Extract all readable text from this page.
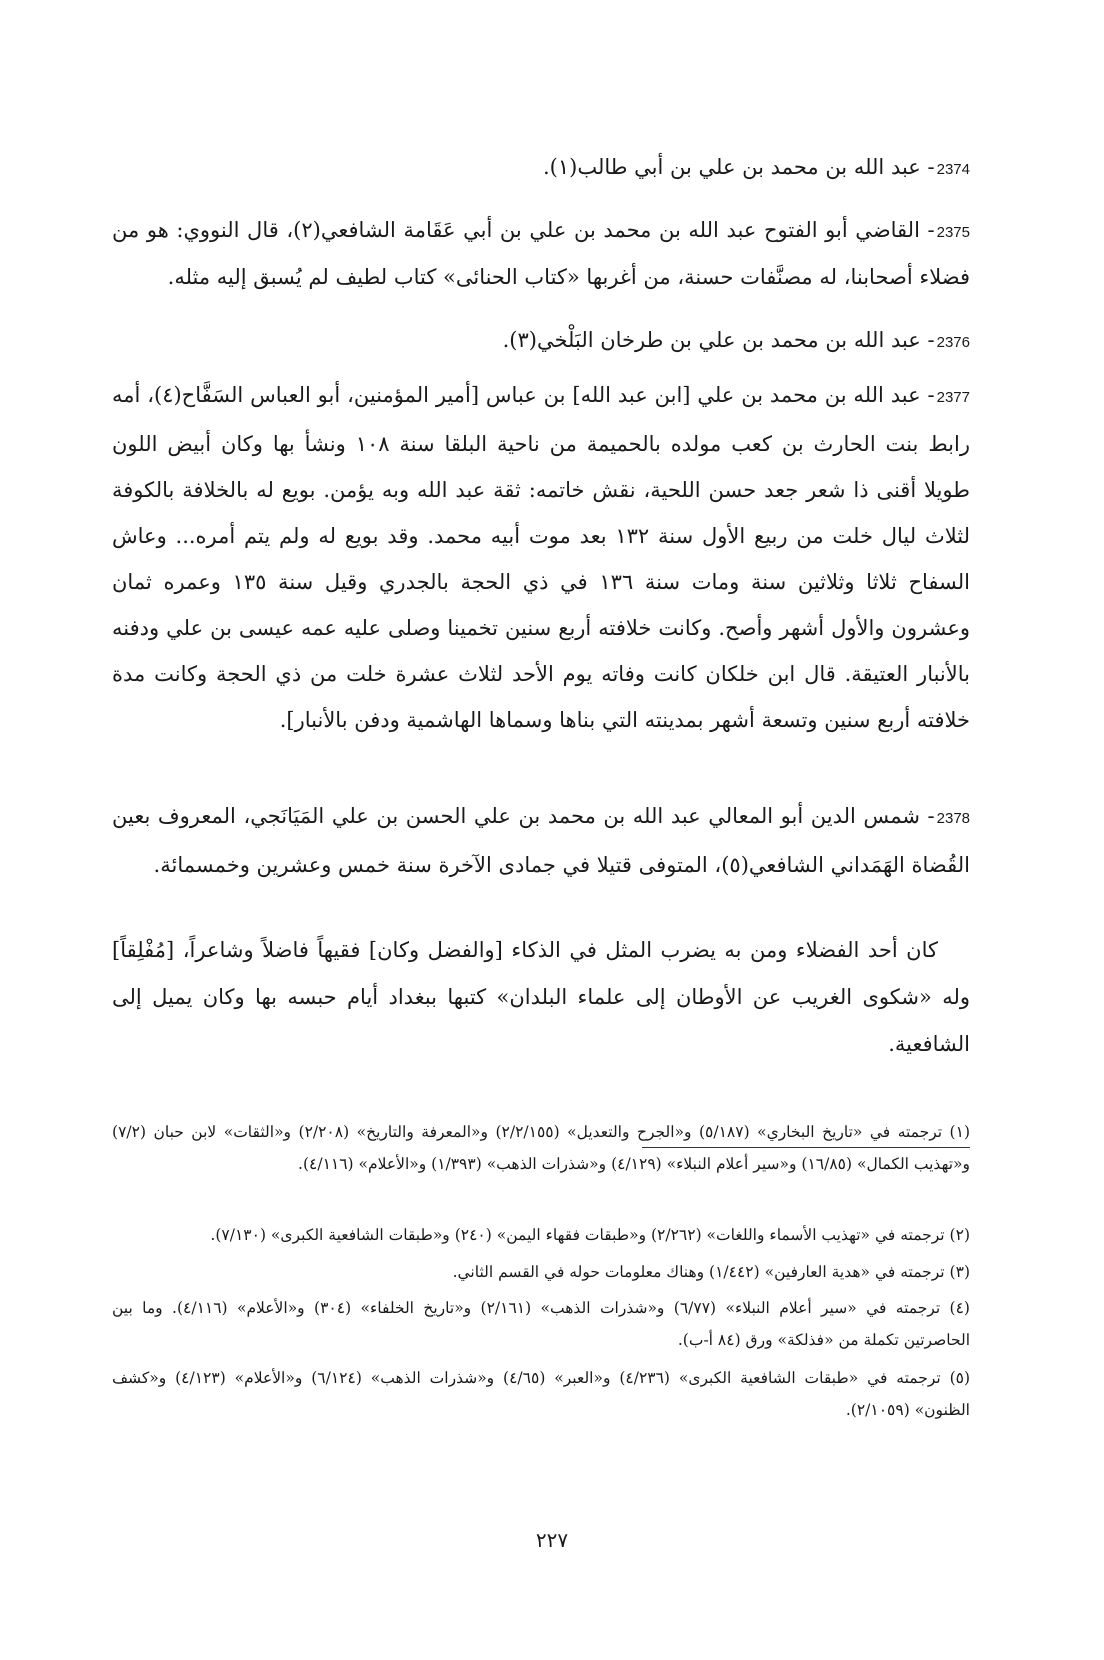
2374- عبد الله بن محمد بن علي بن أبي طالب(١).
2375- القاضي أبو الفتوح عبد الله بن محمد بن علي بن أبي عَقَامة الشافعي(٢)، قال النووي: هو من فضلاء أصحابنا، له مصنَّفات حسنة، من أغربها «كتاب الحنائى» كتاب لطيف لم يُسبق إليه مثله.
2376- عبد الله بن محمد بن علي بن طرخان البَلْخي(٣).
2377- عبد الله بن محمد بن علي [ابن عبد الله] بن عباس [أمير المؤمنين، أبو العباس السَفَّاح(٤)، أمه رابط بنت الحارث بن كعب مولده بالحميمة من ناحية البلقا سنة ١٠٨ ونشأ بها وكان أبيض اللون طويلا أقنى ذا شعر جعد حسن اللحية، نقش خاتمه: ثقة عبد الله وبه يؤمن. بويع له بالخلافة بالكوفة لثلاث ليال خلت من ربيع الأول سنة ١٣٢ بعد موت أبيه محمد. وقد بويع له ولم يتم أمره... وعاش السفاح ثلاثا وثلاثين سنة ومات سنة ١٣٦ في ذي الحجة بالجدري وقيل سنة ١٣٥ وعمره ثمان وعشرون والأول أشهر وأصح. وكانت خلافته أربع سنين تخمينا وصلى عليه عمه عيسى بن علي ودفنه بالأنبار العتيقة. قال ابن خلكان كانت وفاته يوم الأحد لثلاث عشرة خلت من ذي الحجة وكانت مدة خلافته أربع سنين وتسعة أشهر بمدينته التي بناها وسماها الهاشمية ودفن بالأنبار].
2378- شمس الدين أبو المعالي عبد الله بن محمد بن علي الحسن بن علي المَيَانَجي، المعروف بعين القُضاة الهَمَداني الشافعي(٥)، المتوفى قتيلا في جمادى الآخرة سنة خمس وعشرين وخمسمائة.
كان أحد الفضلاء ومن به يضرب المثل في الذكاء [والفضل وكان] فقيهاً فاضلاً وشاعراً، [مُفْلِقاً] وله «شكوى الغريب عن الأوطان إلى علماء البلدان» كتبها ببغداد أيام حبسه بها وكان يميل إلى الشافعية.
(١) ترجمته في «تاريخ البخاري» (٥/١٨٧) و«الجرح والتعديل» (٢/٢/١٥٥) و«المعرفة والتاريخ» (٢/٢٠٨) و«الثقات» لابن حبان (٧/٢) و«تهذيب الكمال» (١٦/٨٥) و«سير أعلام النبلاء» (٤/١٢٩) و«شذرات الذهب» (١/٣٩٣) و«الأعلام» (٤/١١٦).
(٢) ترجمته في «تهذيب الأسماء واللغات» (٢/٢٦٢) و«طبقات فقهاء اليمن» (٢٤٠) و«طبقات الشافعية الكبرى» (٧/١٣٠).
(٣) ترجمته في «هدية العارفين» (١/٤٤٢) وهناك معلومات حوله في القسم الثاني.
(٤) ترجمته في «سير أعلام النبلاء» (٦/٧٧) و«شذرات الذهب» (٢/١٦١) و«تاريخ الخلفاء» (٣٠٤) و«الأعلام» (٤/١١٦). وما بين الحاصرتين تكملة من «فذلكة» ورق (٨٤ أ-ب).
(٥) ترجمته في «طبقات الشافعية الكبرى» (٤/٢٣٦) و«العبر» (٤/٦٥) و«شذرات الذهب» (٦/١٢٤) و«الأعلام» (٤/١٢٣) و«كشف الظنون» (٢/١٠٥٩).
٢٢٧
